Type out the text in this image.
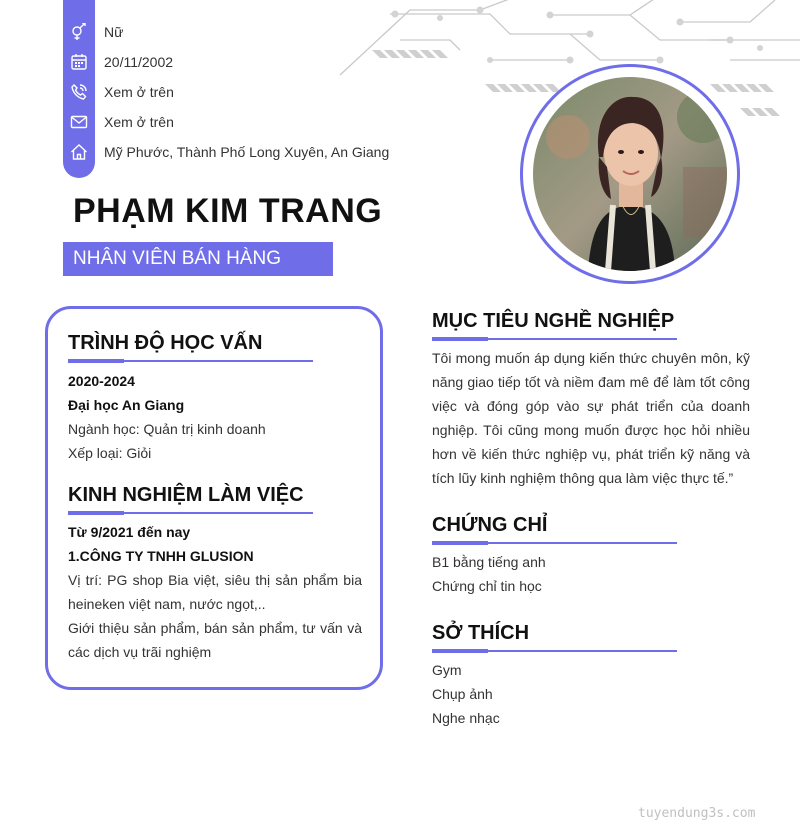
Nữ
20/11/2002
Xem ở trên
Xem ở trên
Mỹ Phước, Thành Phố Long Xuyên, An Giang
PHẠM KIM TRANG
NHÂN VIÊN BÁN HÀNG
TRÌNH ĐỘ HỌC VẤN
2020-2024
Đại học An Giang
Ngành học: Quản trị kinh doanh
Xếp loại: Giỏi
KINH NGHIỆM LÀM VIỆC
Từ 9/2021 đến nay
1.CÔNG TY TNHH GLUSION
Vị trí: PG shop Bia việt, siêu thị sản phẩm bia
heineken việt nam, nước ngọt,..
Giới thiệu sản phẩm, bán sản phẩm, tư vấn và
các dịch vụ trãi nghiệm
MỤC TIÊU NGHỀ NGHIỆP
Tôi mong muốn áp dụng kiến thức chuyên môn, kỹ năng giao tiếp tốt và niềm đam mê để làm tốt công việc và đóng góp vào sự phát triển của doanh nghiệp. Tôi cũng mong muốn được học hỏi nhiều hơn về kiến thức nghiệp vụ, phát triển kỹ năng và tích lũy kinh nghiệm thông qua làm việc thực tế.”
CHỨNG CHỈ
B1 bằng tiếng anh
Chứng chỉ tin học
SỞ THÍCH
Gym
Chụp ảnh
Nghe nhạc
tuyendung3s.com
